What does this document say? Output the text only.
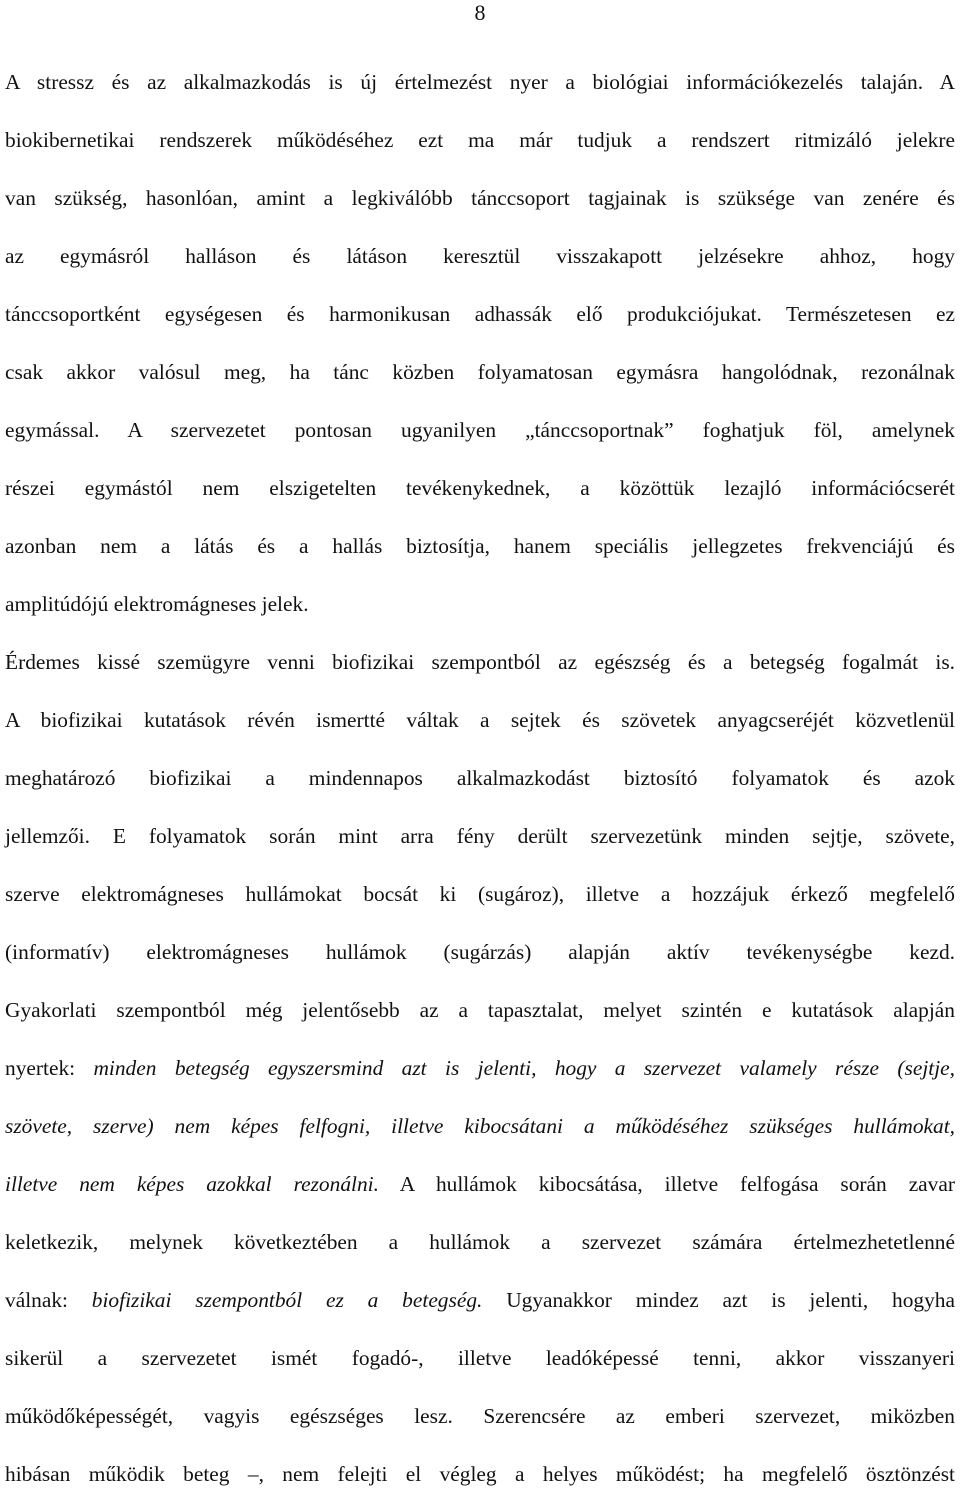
8
A stressz és az alkalmazkodás is új értelmezést nyer a biológiai információkezelés talaján. A
biokibernetikai rendszerek működéséhez ezt ma már tudjuk a rendszert ritmizáló jelekre
van szükség, hasonlóan, amint a legkiválóbb tánccsoport tagjainak is szüksége van zenére és
az egymásról halláson és látáson keresztül visszakapott jelzésekre ahhoz, hogy
tánccsoportként egységesen és harmonikusan adhassák elő produkciójukat. Természetesen ez
csak akkor valósul meg, ha tánc közben folyamatosan egymásra hangolódnak, rezonálnak
egymással. A szervezetet pontosan ugyanilyen „tánccsoportnak” foghatjuk föl, amelynek
részei egymástól nem elszigetelten tevékenykednek, a közöttük lezajló információcserét
azonban nem a látás és a hallás biztosítja, hanem speciális jellegzetes frekvenciájú és
amplitúdójú elektromágneses jelek.
Érdemes kissé szemügyre venni biofizikai szempontból az egészség és a betegség fogalmát is.
A biofizikai kutatások révén ismertté váltak a sejtek és szövetek anyagcseréjét közvetlenül
meghatározó biofizikai a mindennapos alkalmazkodást biztosító folyamatok és azok
jellemzői. E folyamatok során mint arra fény derült szervezetünk minden sejtje, szövete,
szerve elektromágneses hullámokat bocsát ki (sugároz), illetve a hozzájuk érkező megfelelő
(informatív) elektromágneses hullámok (sugárzás) alapján aktív tevékenységbe kezd.
Gyakorlati szempontból még jelentősebb az a tapasztalat, melyet szintén e kutatások alapján
nyertek: minden betegség egyszersmind azt is jelenti, hogy a szervezet valamely része (sejtje,
szövete, szerve) nem képes felfogni, illetve kibocsátani a működéséhez szükséges hullámokat,
illetve nem képes azokkal rezonálni. A hullámok kibocsátása, illetve felfogása során zavar
keletkezik, melynek következtében a hullámok a szervezet számára értelmezhetetlenné
válnak: biofizikai szempontból ez a betegség. Ugyanakkor mindez azt is jelenti, hogyha
sikerül a szervezetet ismét fogadó-, illetve leadóképessé tenni, akkor visszanyeri
működőképességét, vagyis egészséges lesz. Szerencsére az emberi szervezet, miközben
hibásan működik beteg –, nem felejti el végleg a helyes működést; ha megfelelő ösztönzést
